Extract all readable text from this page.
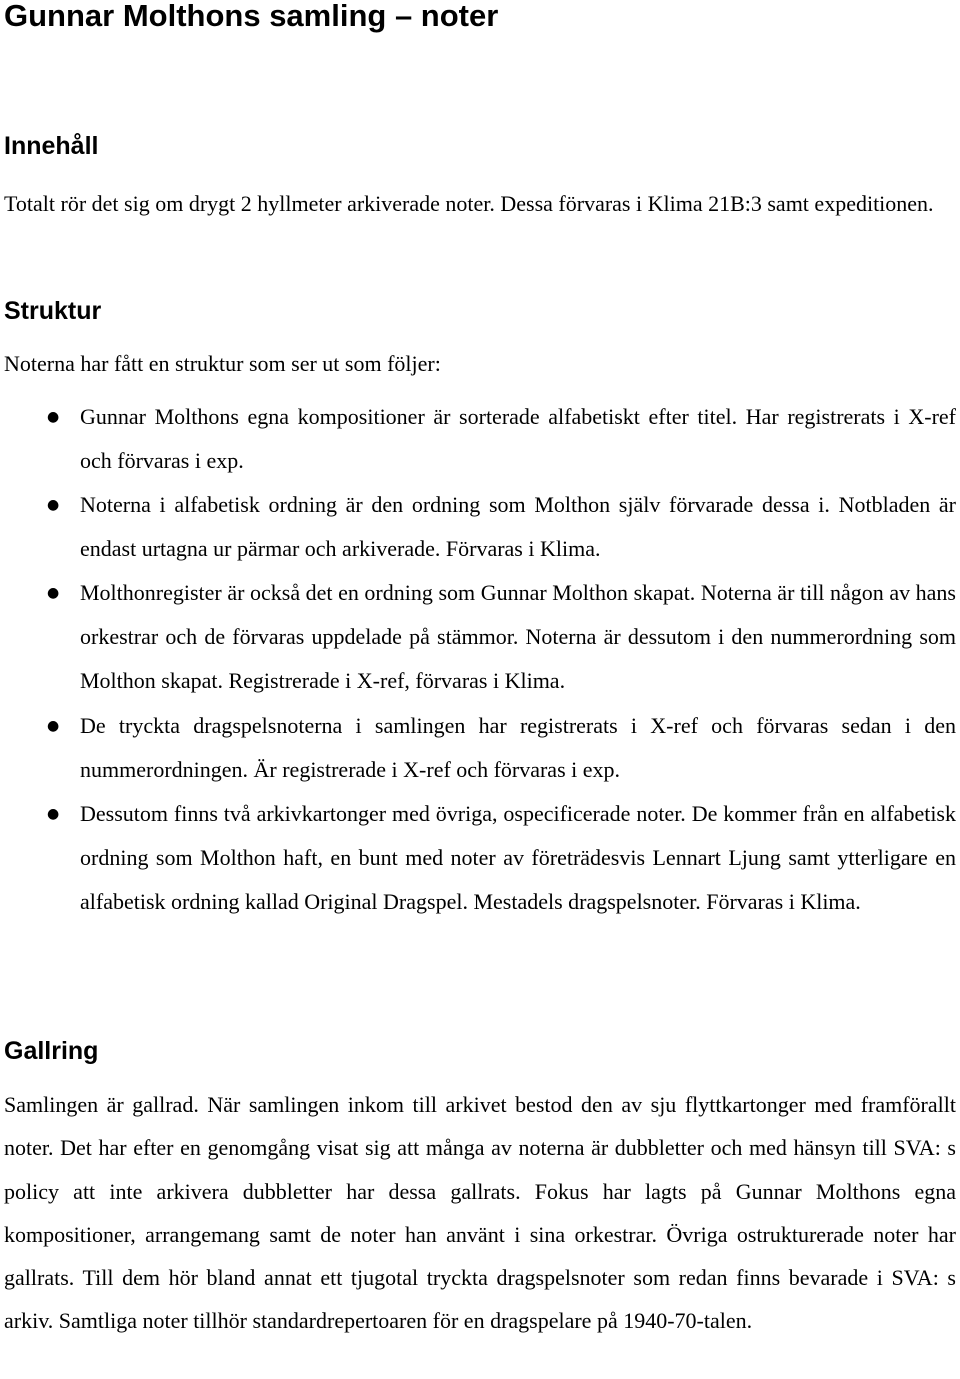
Gunnar Molthons samling – noter
Innehåll

Totalt rör det sig om drygt 2 hyllmeter arkiverade noter. Dessa förvaras i Klima 21B:3 samt expeditionen.

Struktur

Noterna har fått en struktur som ser ut som följer:

● Gunnar Molthons egna kompositioner är sorterade alfabetiskt efter titel. Har registrerats i X-ref och förvaras i exp.
● Noterna i alfabetisk ordning är den ordning som Molthon själv förvarade dessa i. Notbladen är endast urtagna ur pärmar och arkiverade. Förvaras i Klima.
● Molthonregister är också det en ordning som Gunnar Molthon skapat. Noterna är till någon av hans orkestrar och de förvaras uppdelade på stämmor. Noterna är dessutom i den nummerordning som Molthon skapat. Registrerade i X-ref, förvaras i Klima.
● De tryckta dragspelsnoterna i samlingen har registrerats i X-ref och förvaras sedan i den nummerordningen. Är registrerade i X-ref och förvaras i exp.
● Dessutom finns två arkivkartonger med övriga, ospecificerade noter. De kommer från en alfabetisk ordning som Molthon haft, en bunt med noter av företrädesvis Lennart Ljung samt ytterligare en alfabetisk ordning kallad Original Dragspel. Mestadels dragspelsnoter. Förvaras i Klima.
Gallring

Samlingen är gallrad. När samlingen inkom till arkivet bestod den av sju flyttkartonger med framförallt noter. Det har efter en genomgång visat sig att många av noterna är dubbletter och med hänsyn till SVA: s policy att inte arkivera dubbletter har dessa gallrats. Fokus har lagts på Gunnar Molthons egna kompositioner, arrangemang samt de noter han använt i sina orkestrar. Övriga ostrukturerade noter har gallrats. Till dem hör bland annat ett tjugotal tryckta dragspelsnoter som redan finns bevarade i SVA: s arkiv. Samtliga noter tillhör standardrepertoaren för en dragspelare på 1940-70-talen.
